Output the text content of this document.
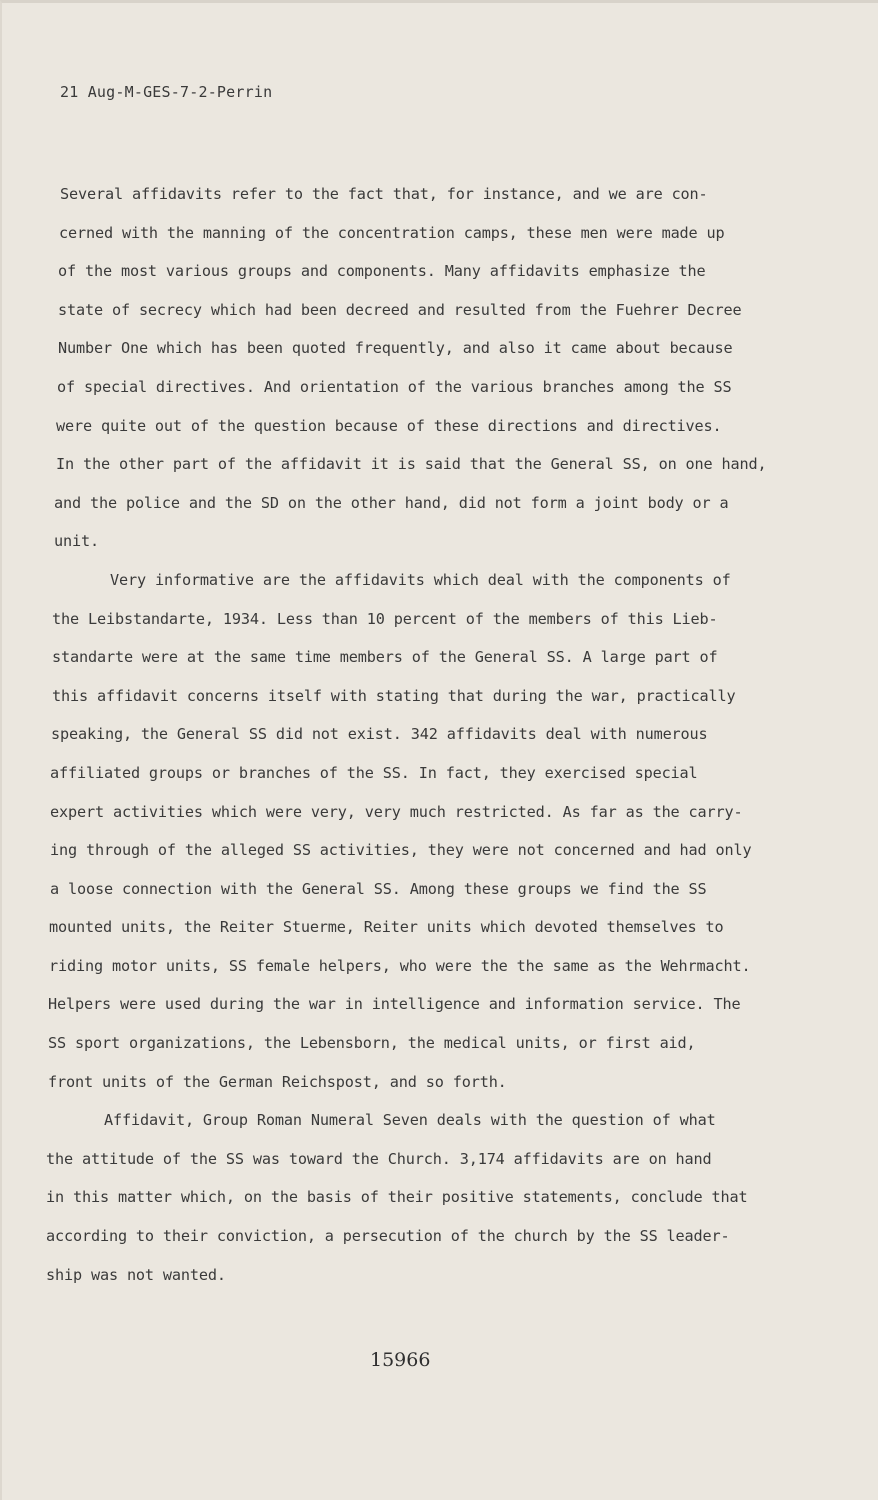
21 Aug-M-GES-7-2-Perrin
Several affidavits refer to the fact that, for instance, and we are con-
cerned with the manning of the concentration camps, these men were made up
of the most various groups and components. Many affidavits emphasize the
state of secrecy which had been decreed and resulted from the Fuehrer Decree
Number One which has been quoted frequently, and also it came about because
of special directives. And orientation of the various branches among the SS
were quite out of the question because of these directions and directives.
In the other part of the affidavit it is said that the General SS, on one hand,
and the police and the SD on the other hand, did not form a joint body or a
unit.
Very informative are the affidavits which deal with the components of
the Leibstandarte, 1934. Less than 10 percent of the members of this Lieb-
standarte were at the same time members of the General SS. A large part of
this affidavit concerns itself with stating that during the war, practically
speaking, the General SS did not exist. 342 affidavits deal with numerous
affiliated groups or branches of the SS. In fact, they exercised special
expert activities which were very, very much restricted. As far as the carry-
ing through of the alleged SS activities, they were not concerned and had only
a loose connection with the General SS. Among these groups we find the SS
mounted units, the Reiter Stuerme, Reiter units which devoted themselves to
riding motor units, SS female helpers, who were the the same as the Wehrmacht.
Helpers were used during the war in intelligence and information service. The
SS sport organizations, the Lebensborn, the medical units, or first aid,
front units of the German Reichspost, and so forth.
Affidavit, Group Roman Numeral Seven deals with the question of what
the attitude of the SS was toward the Church. 3,174 affidavits are on hand
in this matter which, on the basis of their positive statements, conclude that
according to their conviction, a persecution of the church by the SS leader-
ship was not wanted.
15966
